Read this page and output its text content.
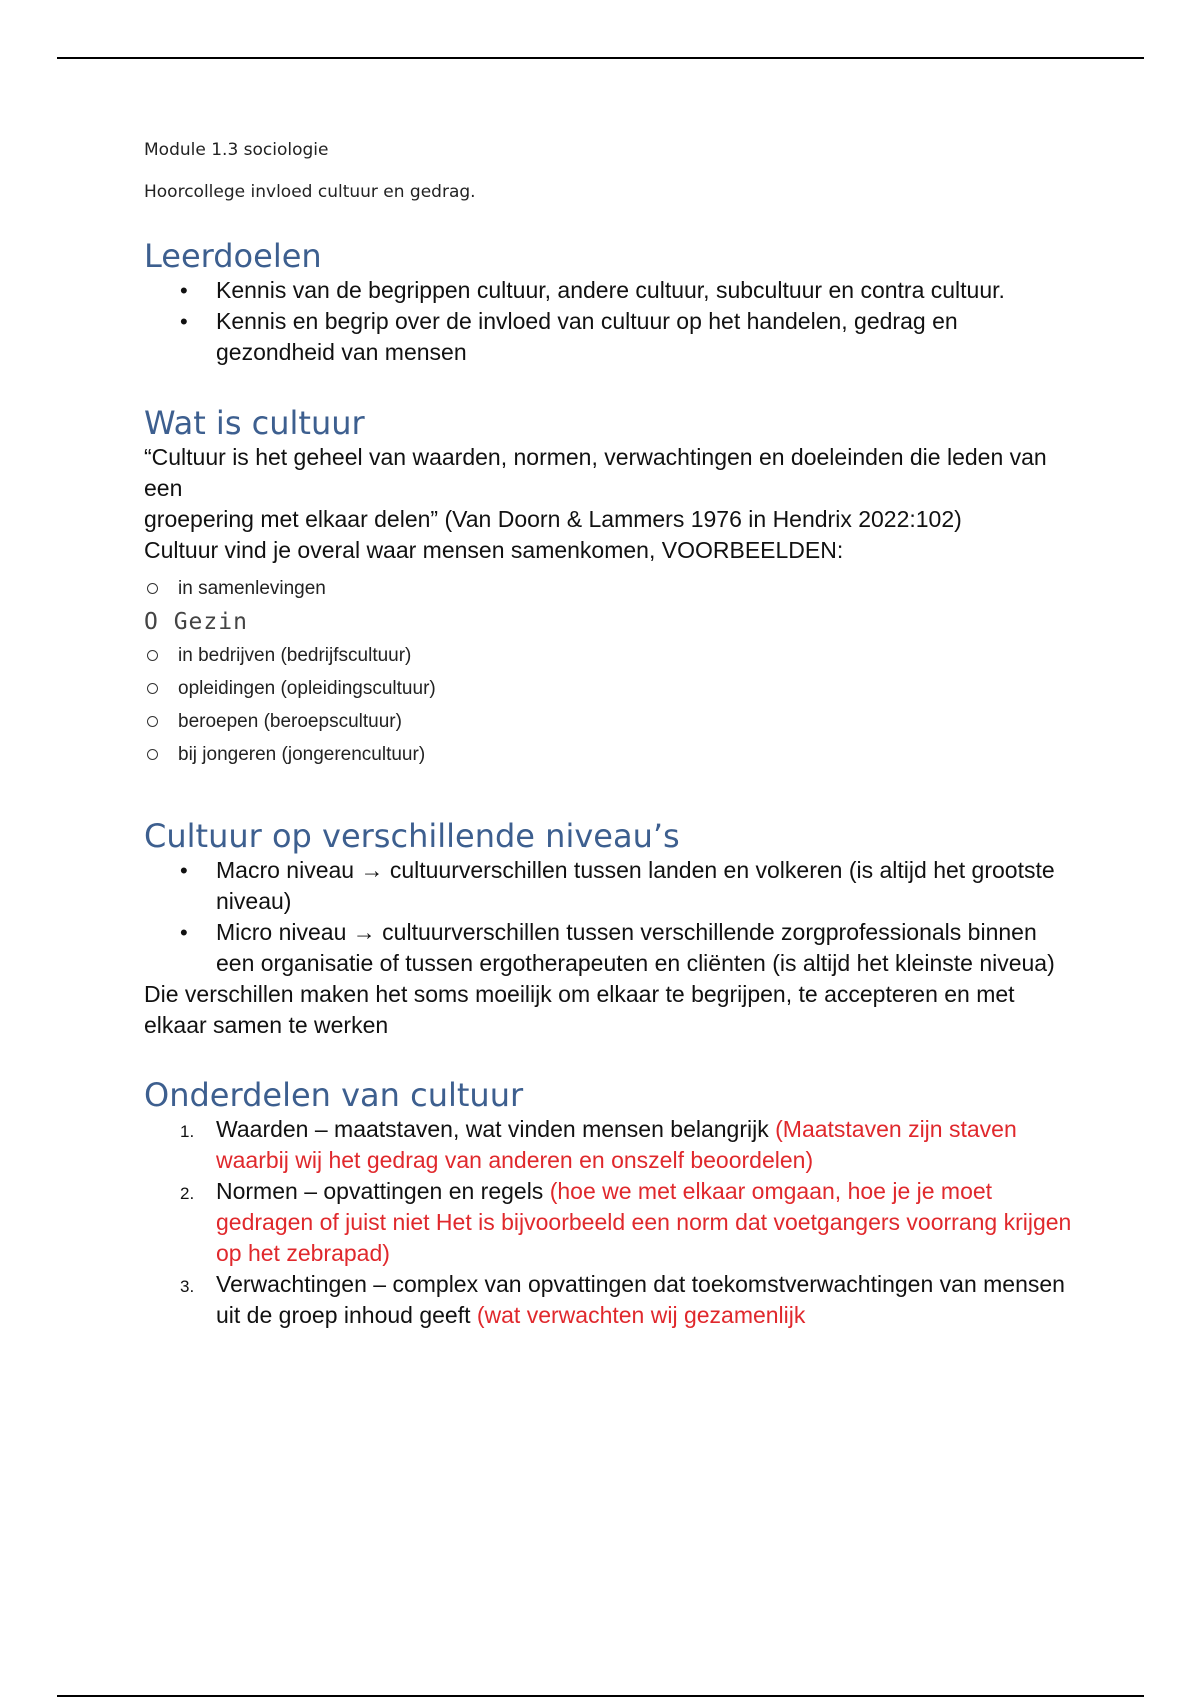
Module 1.3 sociologie

Hoorcollege invloed cultuur en gedrag.

Leerdoelen
• Kennis van de begrippen cultuur, andere cultuur, subcultuur en contra cultuur.
• Kennis en begrip over de invloed van cultuur op het handelen, gedrag en gezondheid van mensen
Wat is cultuur

“Cultuur is het geheel van waarden, normen, verwachtingen en doeleinden die leden van een

groepering met elkaar delen” (Van Doorn & Lammers 1976 in Hendrix 2022:102)

Cultuur vind je overal waar mensen samenkomen, VOORBEELDEN:

in samenlevingen
O Gezin
in bedrijven (bedrijfscultuur)
opleidingen (opleidingscultuur)
beroepen (beroepscultuur)
bij jongeren (jongerencultuur)
Cultuur op verschillende niveau’s
• Macro niveau → cultuurverschillen tussen landen en volkeren (is altijd het grootste niveau)
• Micro niveau → cultuurverschillen tussen verschillende zorgprofessionals binnen een organisatie of tussen ergotherapeuten en cliënten (is altijd het kleinste niveua)

Die verschillen maken het soms moeilijk om elkaar te begrijpen, te accepteren en met elkaar samen te werken

Onderdelen van cultuur
1. Waarden – maatstaven, wat vinden mensen belangrijk (Maatstaven zijn staven waarbij wij het gedrag van anderen en onszelf beoordelen)
2. Normen – opvattingen en regels (hoe we met elkaar omgaan, hoe je je moet gedragen of juist niet Het is bijvoorbeeld een norm dat voetgangers voorrang krijgen op het zebrapad)
3. Verwachtingen – complex van opvattingen dat toekomstverwachtingen van mensen uit de groep inhoud geeft (wat verwachten wij gezamenlijk
